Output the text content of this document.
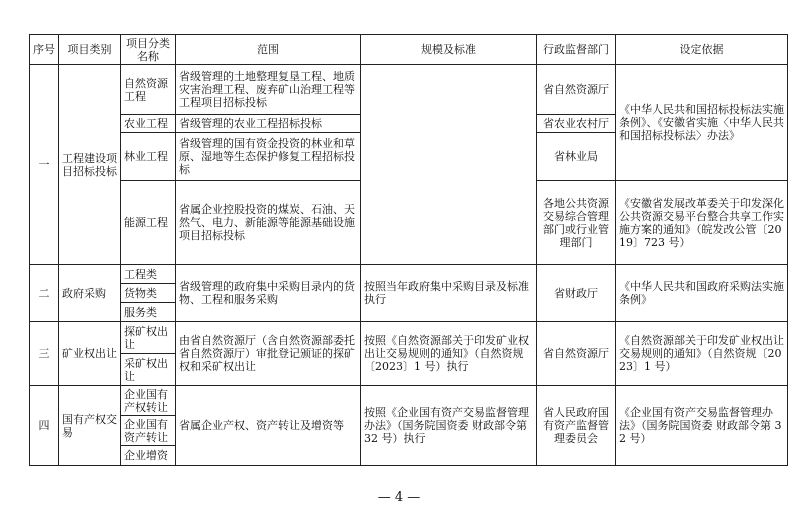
序号	项目类别	项目分类名称	范围	规模及标准	行政监督部门	设定依据
一	工程建设项目招标投标	自然资源工程	省级管理的土地整理复垦工程、地质灾害治理工程、废弃矿山治理工程等工程项目招标投标		省自然资源厅	《中华人民共和国招标投标法实施条例》、《安徽省实施〈中华人民共和国招标投标法〉办法》
		农业工程	省级管理的农业工程招标投标		省农业农村厅	
		林业工程	省级管理的国有资金投资的林业和草原、湿地等生态保护修复工程招标投标		省林业局	
		能源工程	省属企业控股投资的煤炭、石油、天然气、电力、新能源等能源基础设施项目招标投标		各地公共资源交易综合管理部门或行业管理部门	《安徽省发展改革委关于印发深化公共资源交易平台整合共享工作实施方案的通知》（皖发改公管〔2019〕723 号）
二	政府采购	工程类	省级管理的政府集中采购目录内的货物、工程和服务采购	按照当年政府集中采购目录及标准执行	省财政厅	《中华人民共和国政府采购法实施条例》
		货物类				
		服务类				
三	矿业权出让	探矿权出让	由省自然资源厅（含自然资源部委托省自然资源厅）审批登记颁证的探矿权和采矿权出让	按照《自然资源部关于印发矿业权出让交易规则的通知》（自然资规〔2023〕1 号）执行	省自然资源厅	《自然资源部关于印发矿业权出让交易规则的通知》（自然资规〔2023〕1 号）
		采矿权出让				
四	国有产权交易	企业国有产权转让	省属企业产权、资产转让及增资等	按照《企业国有资产交易监督管理办法》（国务院国资委 财政部令第 32 号）执行	省人民政府国有资产监督管理委员会	《企业国有资产交易监督管理办法》（国务院国资委 财政部令第 32 号）
		企业国有资产转让				
		企业增资				
— 4 —
